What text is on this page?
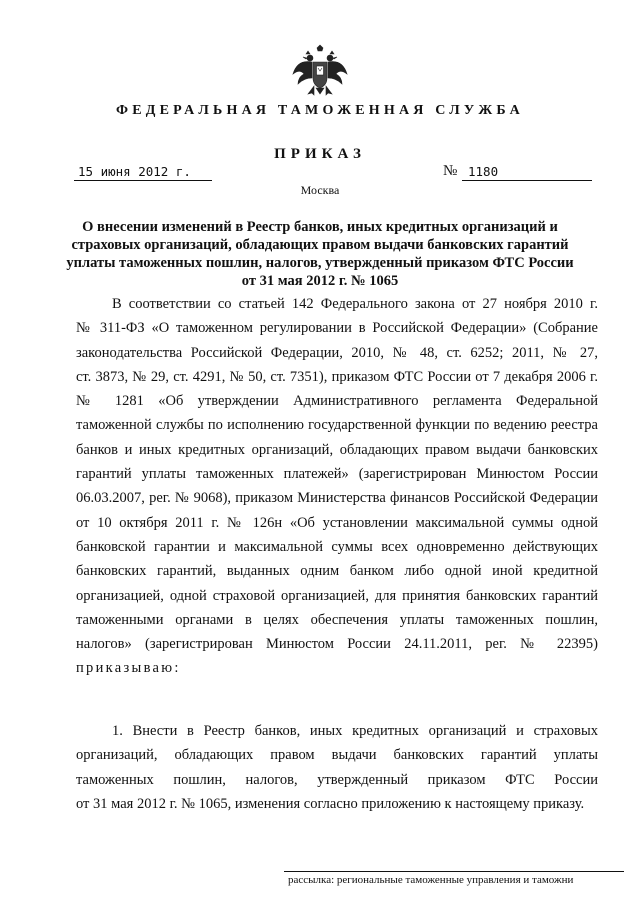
ФЕДЕРАЛЬНАЯ ТАМОЖЕННАЯ СЛУЖБА
ПРИКАЗ
15 июня 2012 г.	№ 1180
Москва
О внесении изменений в Реестр банков, иных кредитных организаций и
страховых организаций, обладающих правом выдачи банковских гарантий
уплаты таможенных пошлин, налогов, утвержденный приказом ФТС России
от 31 мая 2012 г. № 1065
В соответствии со статьей 142 Федерального закона от 27 ноября 2010 г.
№ 311-ФЗ «О таможенном регулировании в Российской Федерации» (Собрание
законодательства Российской Федерации, 2010, № 48, ст. 6252; 2011, № 27,
ст. 3873, № 29, ст. 4291, № 50, ст. 7351), приказом ФТС России от 7 декабря 2006 г.
№ 1281 «Об утверждении Административного регламента Федеральной
таможенной службы по исполнению государственной функции по ведению реестра
банков и иных кредитных организаций, обладающих правом выдачи банковских
гарантий уплаты таможенных платежей» (зарегистрирован Минюстом России
06.03.2007, рег. № 9068), приказом Министерства финансов Российской Федерации
от 10 октября 2011 г. № 126н «Об установлении максимальной суммы одной
банковской гарантии и максимальной суммы всех одновременно действующих
банковских гарантий, выданных одним банком либо одной иной кредитной
организацией, одной страховой организацией, для принятия банковских гарантий
таможенными органами в целях обеспечения уплаты таможенных пошлин,
налогов» (зарегистрирован Минюстом России 24.11.2011, рег. № 22395)
приказываю:
1. Внести в Реестр банков, иных кредитных организаций и страховых
организаций, обладающих правом выдачи банковских гарантий уплаты
таможенных пошлин, налогов, утвержденный приказом ФТС России
от 31 мая 2012 г. № 1065, изменения согласно приложению к настоящему приказу.
рассылка: региональные таможенные управления и таможни
